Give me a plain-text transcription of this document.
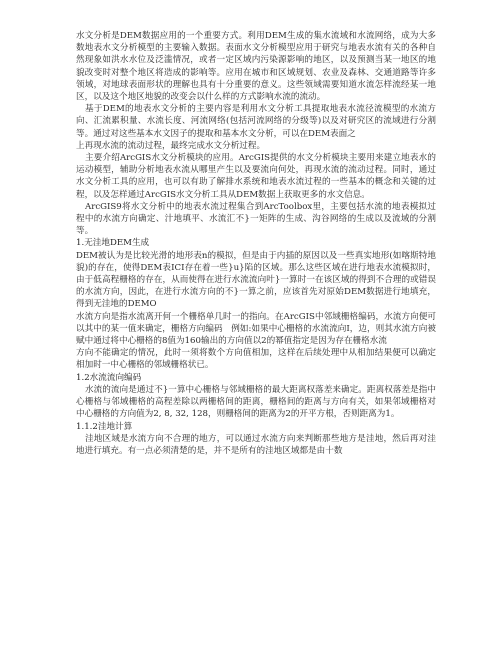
水文分析是DEM数据应用的一个重要方式。利用DEM生成的集水流域和水流网络，成为大多数地表水文分析模型的主要输入数据。表面水文分析模型应用于研究与地表水流有关的各种自然现象如洪水水位及泛滥情况，或者一定区域内污染源影响的地区，以及预测当某一地区的地貌改变时对整个地区将造成的影响等。应用在城市和区域规划、农业及森林、交通道路等许多领域，对地球表面形状的理解也具有十分重要的意义。这些领域需要知道水流怎样流经某一地区，以及这个地区地貌的改变会以什么样的方式影响水流的流动。

基于DEM的地表水文分析的主要内容是利用水文分析工具提取地表水流径流模型的水流方向、汇流累积量、水流长度、河流网络(包括河流网络的分级等)以及对研究区的流域进行分割等。通过对这些基本水文因子的提取和基本水文分析，可以在DEM表面之

上再现水流的流动过程，最终完成水文分析过程。

主要介绍ArcGIS水文分析模块的应用。ArcGIS提供的水文分析模块主要用来建立地表水的运动模型，辅助分析地表水流从哪里产生以及要流向何处，再现水流的流动过程。同时，通过水文分析工具的应用，也可以有助了解排水系统和地表水流过程的一些基本的概念和关键的过程，以及怎样通过ArcGIS水文分析工具从DEM数据上获取更多的水文信息。

ArcGIS9将水文分析中的地表水流过程集合到ArcToolbox里，主要包括水流的地表模拟过程中的水流方向确定、汁地填平、水流汇不}一矩阵的生成、沟谷网络的生成以及流域的分割等。

1.无洼地DEM生成

DEM被认为是比较光滑的地形表n的模拟，但是由于内插的原因以及一些真实地形(如喀斯特地貌)的存在，使得DEM表ICI存在着一些}u}陷的区域。那么这些区域在进行地表水流模拟时，由于低高程栅格的存在，从而使得在进行水流流向叶}一算时一在该区域的得到不合理的或错误的水流方向，因此，在进行水流方向的不}一算之前，应该首先对原始DEM数据进行地填充，得到无洼地的DEMO

水流方向是指水流离开何一个栅格单几时一的指向。在ArcGIS中邻域栅格编码，水流方向便可以其中的某一值来确定，栅格方向编码　例如:如果中心栅格的水流流向I，边，则其水流方向被赋中通过将中心栅格的8值为160输出的方向值以2的幂值指定是因为存在栅格水流

方向不能确定的情况，此时一须将数个方向值相加，这样在后续处理中从相加结果便可以确定相加时一中心栅格的邻域栅格状已。

1.2水流流向编码

水流的流向是通过不}一算中心栅格与邻域栅格的最大距离权落差来确定。距离权落差是指中心栅格与邻域栅格的高程差除以两栅格间的距离，栅格间的距离与方向有关，如果邻域栅格对中心栅格的方向值为2, 8, 32, 128，则栅格间的距离为2的开平方根，否则距离为1。

1.1.2洼地计算

洼地区域是水流方向不合理的地方，可以通过水流方向来判断那些地方是洼地，然后再对洼地进行填充。有一点必须清楚的是，并不是所有的洼地区域都是由十数
